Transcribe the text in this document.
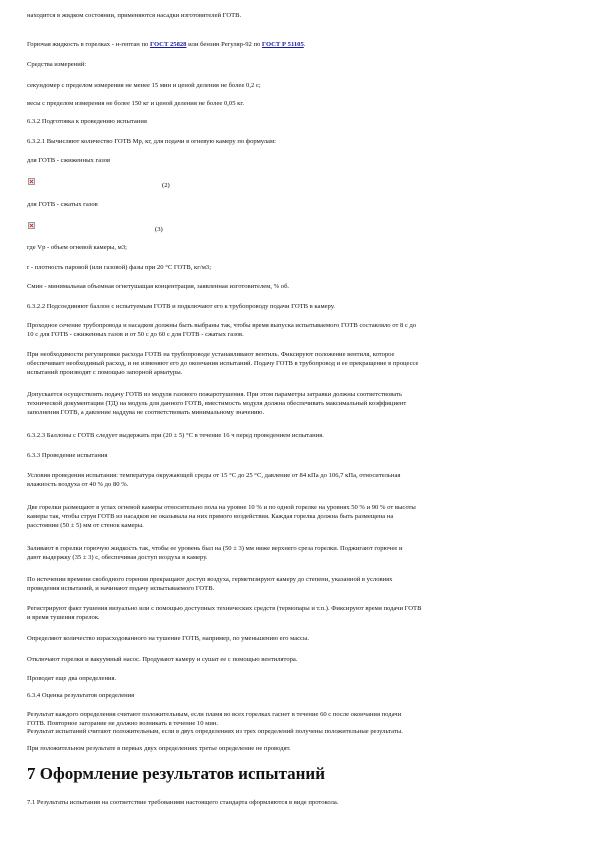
находится в жидком состоянии, применяются насадки изготовителей ГОТВ.
Горючая жидкость в горелках - н-гептан по ГОСТ 25828 или бензин Регуляр-92 по ГОСТ Р 51105.
Средства измерений:
секундомер с пределом измерения не менее 15 мин и ценой деления не более 0,2 с;
весы с пределом измерения не более 150 кг и ценой деления не более 0,05 кг.
6.3.2 Подготовка к проведению испытания
6.3.2.1 Вычисляют количество ГОТВ Мр, кг, для подачи в огневую камеру по формулам:
для ГОТВ - сжиженных газов
(2)
для ГОТВ - сжатых газов
(3)
где Vр - объем огневой камеры, м3;
r - плотность паровой (или газовой) фазы при 20 °С ГОТВ, кг/м3;
Смин - минимальная объемная огнетушащая концентрация, заявленная изготовителем, % об.
6.3.2.2 Подсоединяют баллон с испытуемым ГОТВ и подключают его к трубопроводу подачи ГОТВ в камеру.
Проходное сечение трубопровода и насадков должны быть выбраны так, чтобы время выпуска испытываемого ГОТВ составляло от 8 с до
10 с для ГОТВ - сжиженных газов и от 50 с до 60 с для ГОТВ - сжатых газов.
При необходимости регулировки расхода ГОТВ на трубопроводе устанавливают вентиль. Фиксируют положение вентиля, которое
обеспечивает необходимый расход, и не изменяют его до окончания испытаний. Подачу ГОТВ в трубопровод и ее прекращение в процессе
испытаний производят с помощью запорной арматуры.
Допускается осуществлять подачу ГОТВ из модуля газового пожаротушения. При этом параметры затравки должны соответствовать
технической документации (ТД) на модуль для данного ГОТВ, вместимость модуля должна обеспечивать максимальный коэффициент
заполнения ГОТВ, а давление наддува не соответствовать минимальному значению.
6.3.2.3 Баллоны с ГОТВ следует выдержать при (20 ± 5) °С в течение 16 ч перед проведением испытания.
6.3.3 Проведение испытания
Условия проведения испытания: температура окружающей среды от 15 °С до 25 °С, давление от 84 кПа до 106,7 кПа, относительная
влажность воздуха от 40 % до 80 %.
Две горелки размещают в углах огневой камеры относительно пола на уровне 10 % и по одной горелке на уровнях 50 % и 90 % от высоты
камеры так, чтобы струя ГОТВ из насадков не оказывала на них прямого воздействия. Каждая горелка должна быть размещена на
расстоянии (50 ± 5) мм от стенок камеры.
Заливают в горелки горючую жидкость так, чтобы ее уровень был на (50 ± 3) мм ниже верхнего среза горелки. Поджигают горючее и
дают выдержку (35 ± 3) с, обеспечивая доступ воздуха в камеру.
По истечении времени свободного горения прекращают доступ воздуха, герметизируют камеру до степени, указанной в условиях
проведения испытаний, и начинают подачу испытываемого ГОТВ.
Регистрируют факт тушения визуально или с помощью доступных технических средств (термопары и т.п.). Фиксируют время подачи ГОТВ
и время тушения горелок.
Определяют количество израсходованного на тушение ГОТВ, например, по уменьшению его массы.
Отключают горелки и вакуумный насос. Продувают камеру и сушат ее с помощью вентилятора.
Проводят еще два определения.
6.3.4 Оценка результатов определения
Результат каждого определения считают положительным, если пламя во всех горелках гаснет в течение 60 с после окончания подачи
ГОТВ. Повторное загорание не должно возникать в течение 10 мин.
Результат испытаний считают положительным, если в двух определениях из трех определений получены положительные результаты.
При положительном результате в первых двух определениях третье определение не проводят.
7 Оформление результатов испытаний
7.1 Результаты испытания на соответствие требованиям настоящего стандарта оформляются в виде протокола.
